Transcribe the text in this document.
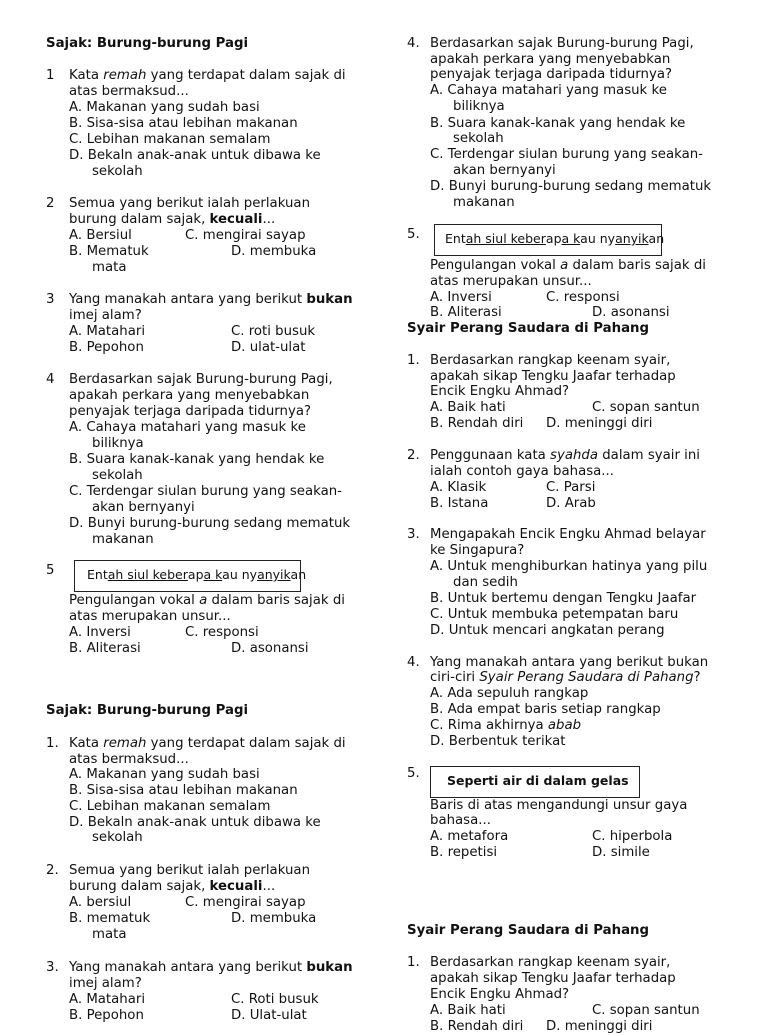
Sajak: Burung-burung Pagi
1 Kata remah yang terdapat dalam sajak di
atas bermaksud...
A. Makanan yang sudah basi
B. Sisa-sisa atau lebihan makanan
C. Lebihan makanan semalam
D. Bekaln anak-anak untuk dibawa ke
sekolah
2 Semua yang berikut ialah perlakuan
burung dalam sajak, kecuali...
A. Bersiul	C. mengirai sayap
B. Mematuk	D. membuka
mata
3 Yang manakah antara yang berikut bukan
imej alam?
A. Matahari	C. roti busuk
B. Pepohon	D. ulat-ulat
4 Berdasarkan sajak Burung-burung Pagi,
apakah perkara yang menyebabkan
penyajak terjaga daripada tidurnya?
A. Cahaya matahari yang masuk ke
biliknya
B. Suara kanak-kanak yang hendak ke
sekolah
C. Terdengar siulan burung yang seakan-
akan bernyanyi
D. Bunyi burung-burung sedang mematuk
makanan
5	Entah siul keberapa kau nyanyikan
Pengulangan vokal a dalam baris sajak di
atas merupakan unsur...
A. Inversi	C. responsi
B. Aliterasi	D. asonansi
Sajak: Burung-burung Pagi
1. Kata remah yang terdapat dalam sajak di
atas bermaksud...
A. Makanan yang sudah basi
B. Sisa-sisa atau lebihan makanan
C. Lebihan makanan semalam
D. Bekaln anak-anak untuk dibawa ke
sekolah
2. Semua yang berikut ialah perlakuan
burung dalam sajak, kecuali...
A. bersiul	C. mengirai sayap
B. mematuk	D. membuka
mata
3. Yang manakah antara yang berikut bukan
imej alam?
A. Matahari	C. Roti busuk
B. Pepohon	D. Ulat-ulat
4. Berdasarkan sajak Burung-burung Pagi,
apakah perkara yang menyebabkan
penyajak terjaga daripada tidurnya?
A. Cahaya matahari yang masuk ke
biliknya
B. Suara kanak-kanak yang hendak ke
sekolah
C. Terdengar siulan burung yang seakan-
akan bernyanyi
D. Bunyi burung-burung sedang mematuk
makanan
5. Entah siul keberapa kau nyanyikan
Pengulangan vokal a dalam baris sajak di
atas merupakan unsur...
A. Inversi	C. responsi
B. Aliterasi	D. asonansi
Syair Perang Saudara di Pahang
1. Berdasarkan rangkap keenam syair,
apakah sikap Tengku Jaafar terhadap
Encik Engku Ahmad?
A. Baik hati	C. sopan santun
B. Rendah diri D. meninggi diri
2. Penggunaan kata syahda dalam syair ini
ialah contoh gaya bahasa...
A. Klasik	C. Parsi
B. Istana	D. Arab
3. Mengapakah Encik Engku Ahmad belayar
ke Singapura?
A. Untuk menghiburkan hatinya yang pilu
dan sedih
B. Untuk bertemu dengan Tengku Jaafar
C. Untuk membuka petempatan baru
D. Untuk mencari angkatan perang
4. Yang manakah antara yang berikut bukan
ciri-ciri Syair Perang Saudara di Pahang?
A. Ada sepuluh rangkap
B. Ada empat baris setiap rangkap
C. Rima akhirnya abab
D. Berbentuk terikat
5. Seperti air di dalam gelas
Baris di atas mengandungi unsur gaya
bahasa...
A. metafora	C. hiperbola
B. repetisi	D. simile
Syair Perang Saudara di Pahang
1. Berdasarkan rangkap keenam syair,
apakah sikap Tengku Jaafar terhadap
Encik Engku Ahmad?
A. Baik hati	C. sopan santun
B. Rendah diri D. meninggi diri
